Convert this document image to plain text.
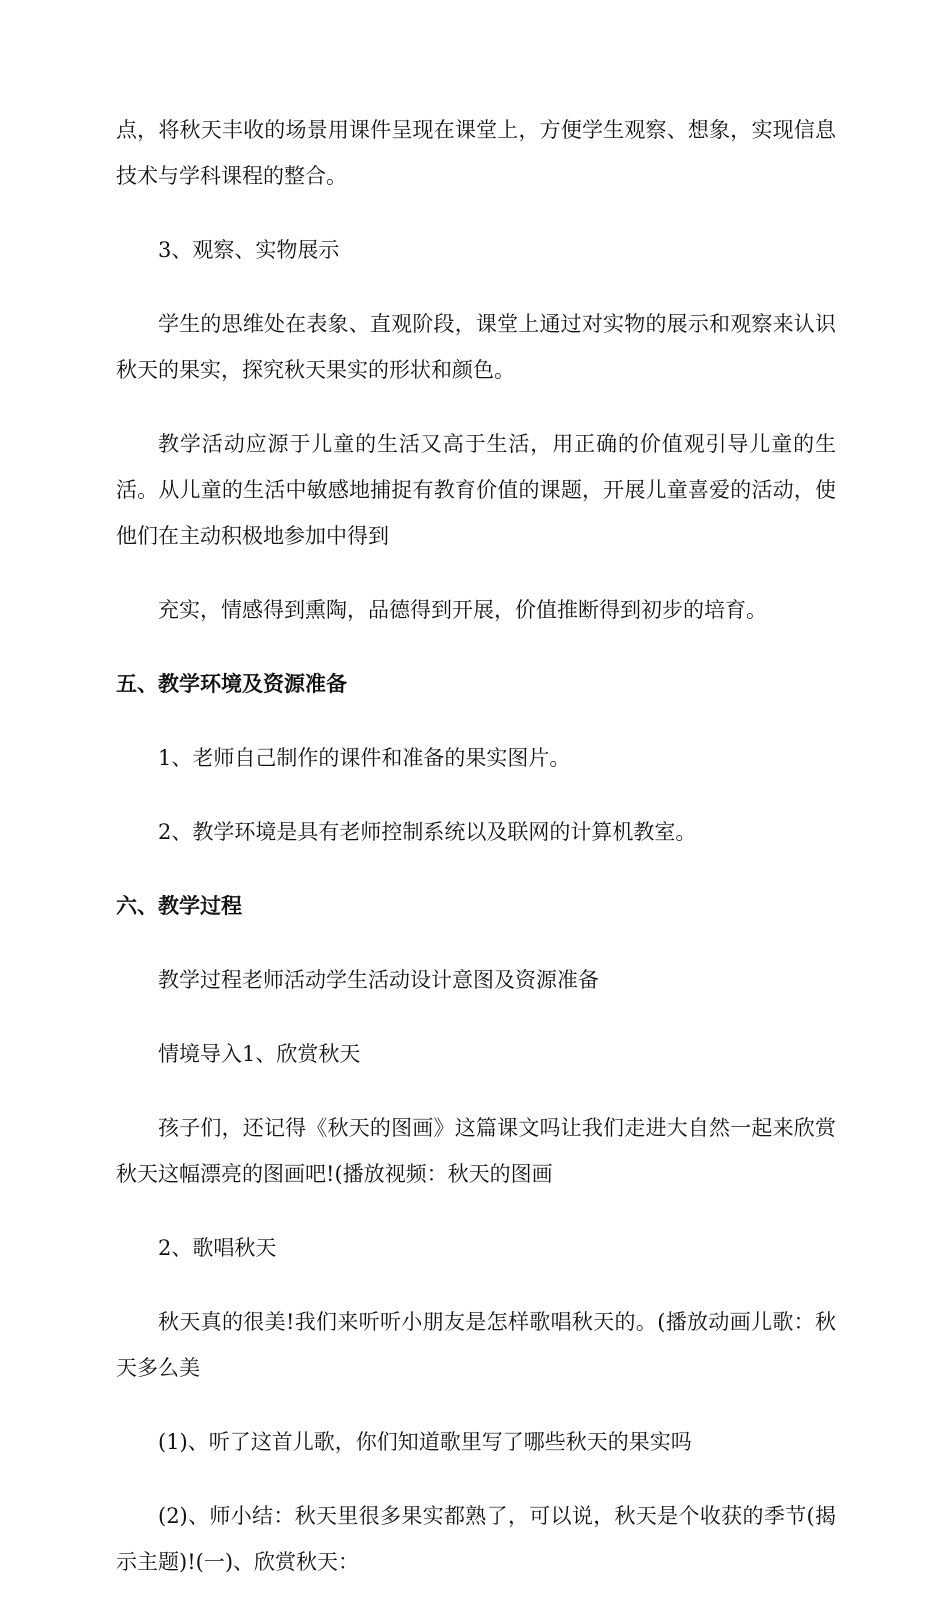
点，将秋天丰收的场景用课件呈现在课堂上，方便学生观察、想象，实现信息技术与学科课程的整合。

3、观察、实物展示

学生的思维处在表象、直观阶段，课堂上通过对实物的展示和观察来认识秋天的果实，探究秋天果实的形状和颜色。

教学活动应源于儿童的生活又高于生活，用正确的价值观引导儿童的生活。从儿童的生活中敏感地捕捉有教育价值的课题，开展儿童喜爱的活动，使他们在主动积极地参加中得到

充实，情感得到熏陶，品德得到开展，价值推断得到初步的培育。

五、教学环境及资源准备

1、老师自己制作的课件和准备的果实图片。

2、教学环境是具有老师控制系统以及联网的计算机教室。

六、教学过程

教学过程老师活动学生活动设计意图及资源准备

情境导入1、欣赏秋天

孩子们，还记得《秋天的图画》这篇课文吗让我们走进大自然一起来欣赏秋天这幅漂亮的图画吧!(播放视频：秋天的图画

2、歌唱秋天

秋天真的很美!我们来听听小朋友是怎样歌唱秋天的。(播放动画儿歌：秋天多么美

(1)、听了这首儿歌，你们知道歌里写了哪些秋天的果实吗

(2)、师小结：秋天里很多果实都熟了，可以说，秋天是个收获的季节(揭示主题)!(一)、欣赏秋天：
